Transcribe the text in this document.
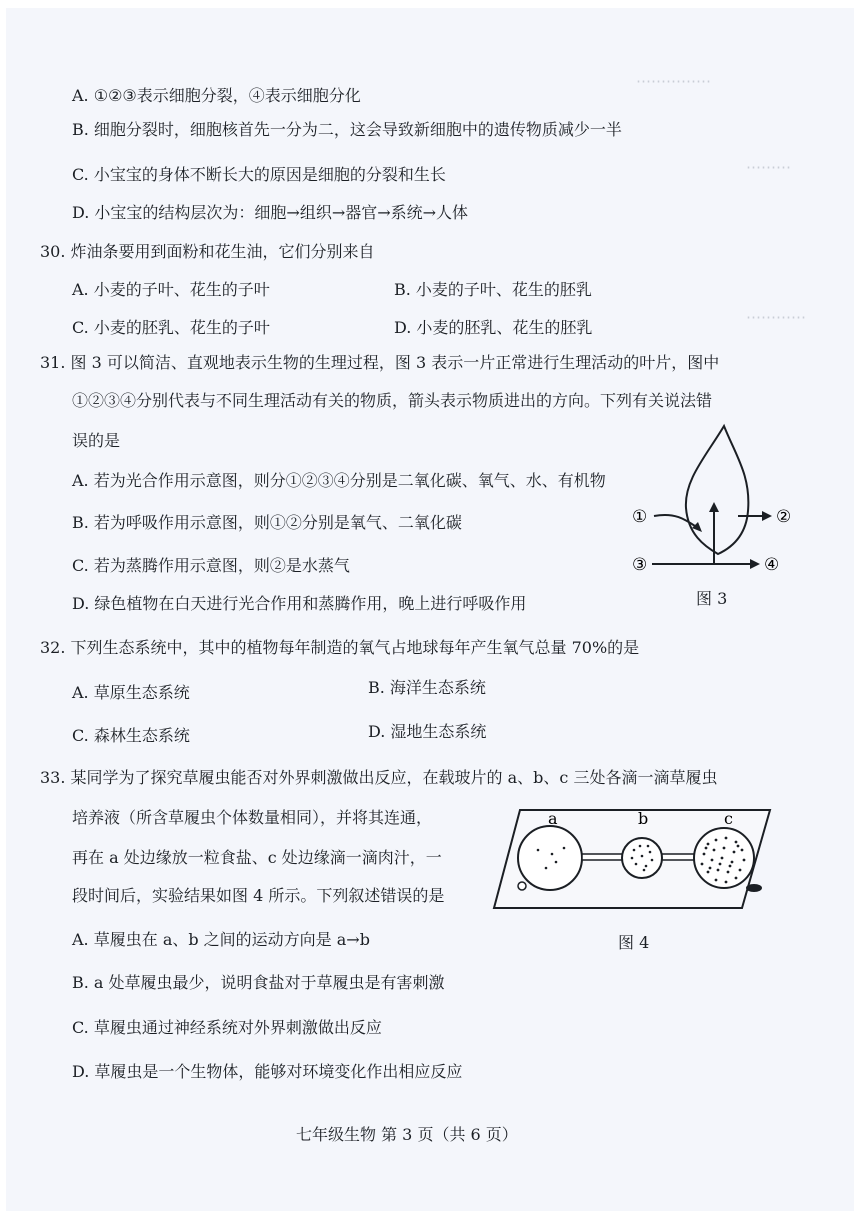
⋯⋯⋯⋯⋯
⋯⋯⋯
⋯⋯⋯⋯
A. ①②③表示细胞分裂，④表示细胞分化
B. 细胞分裂时，细胞核首先一分为二，这会导致新细胞中的遗传物质减少一半
C. 小宝宝的身体不断长大的原因是细胞的分裂和生长
D. 小宝宝的结构层次为：细胞→组织→器官→系统→人体
30. 炸油条要用到面粉和花生油，它们分别来自
A. 小麦的子叶、花生的子叶	B. 小麦的子叶、花生的胚乳
C. 小麦的胚乳、花生的子叶	D. 小麦的胚乳、花生的胚乳
31. 图 3 可以简洁、直观地表示生物的生理过程，图 3 表示一片正常进行生理活动的叶片，图中
①②③④分别代表与不同生理活动有关的物质，箭头表示物质进出的方向。下列有关说法错
误的是
A. 若为光合作用示意图，则分①②③④分别是二氧化碳、氧气、水、有机物
B. 若为呼吸作用示意图，则①②分别是氧气、二氧化碳
C. 若为蒸腾作用示意图，则②是水蒸气
D. 绿色植物在白天进行光合作用和蒸腾作用，晚上进行呼吸作用
①	②
③	④
图 3
32. 下列生态系统中，其中的植物每年制造的氧气占地球每年产生氧气总量 70%的是
A. 草原生态系统	B. 海洋生态系统
C. 森林生态系统	D. 湿地生态系统
33. 某同学为了探究草履虫能否对外界刺激做出反应，在载玻片的 a、b、c 三处各滴一滴草履虫
培养液（所含草履虫个体数量相同），并将其连通，
再在 a 处边缘放一粒食盐、c 处边缘滴一滴肉汁，一
段时间后，实验结果如图 4 所示。下列叙述错误的是
A. 草履虫在 a、b 之间的运动方向是 a→b
B. a 处草履虫最少，说明食盐对于草履虫是有害刺激
C. 草履虫通过神经系统对外界刺激做出反应
D. 草履虫是一个生物体，能够对环境变化作出相应反应
a	b	c
图 4
七年级生物 第 3 页（共 6 页）
